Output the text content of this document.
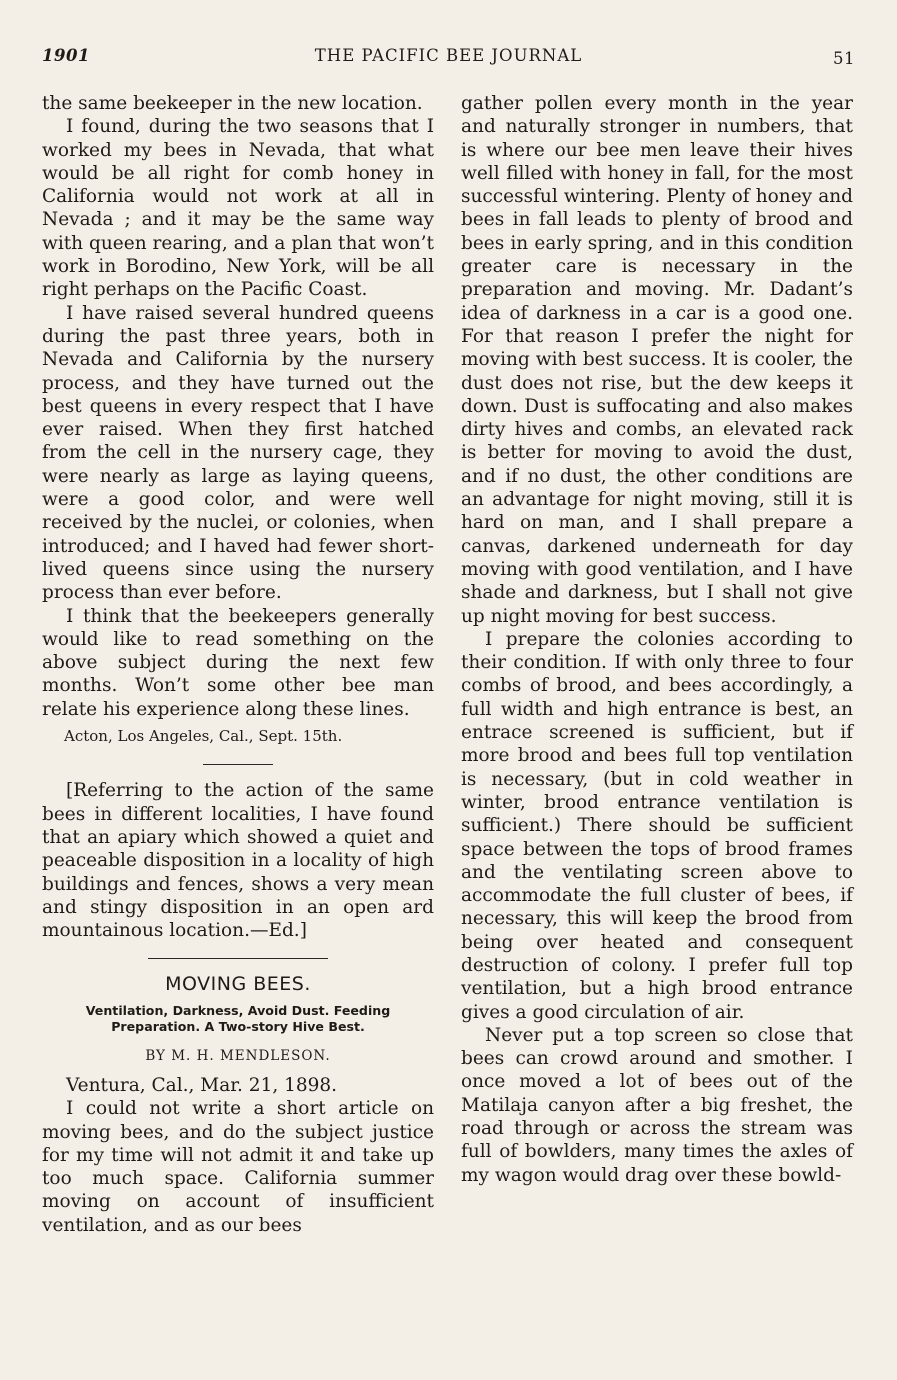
1901	THE PACIFIC BEE JOURNAL	51

the same beekeeper in the new location.

I found, during the two seasons that I worked my bees in Nevada, that what would be all right for comb honey in California would not work at all in Nevada ; and it may be the same way with queen rearing, and a plan that won’t work in Borodino, New York, will be all right perhaps on the Pacific Coast.

I have raised several hundred queens during the past three years, both in Nevada and California by the nursery process, and they have turned out the best queens in every respect that I have ever raised. When they first hatched from the cell in the nursery cage, they were nearly as large as laying queens, were a good color, and were well received by the nuclei, or colonies, when introduced; and I haved had fewer short-lived queens since using the nursery process than ever before.

I think that the beekeepers generally would like to read something on the above subject during the next few months. Won’t some other bee man relate his experience along these lines.

Acton, Los Angeles, Cal., Sept. 15th.

[Referring to the action of the same bees in different localities, I have found that an apiary which showed a quiet and peaceable disposition in a locality of high buildings and fences, shows a very mean and stingy disposition in an open ard mountainous location.—Ed.]

MOVING BEES.

Ventilation, Darkness, Avoid Dust. Feeding Preparation. A Two-story Hive Best.

BY M. H. MENDLESON.

Ventura, Cal., Mar. 21, 1898.

I could not write a short article on moving bees, and do the subject justice for my time will not admit it and take up too much space. California summer moving on account of insufficient ventilation, and as our bees

gather pollen every month in the year and naturally stronger in numbers, that is where our bee men leave their hives well filled with honey in fall, for the most successful wintering. Plenty of honey and bees in fall leads to plenty of brood and bees in early spring, and in this condition greater care is necessary in the preparation and moving. Mr. Dadant’s idea of darkness in a car is a good one. For that reason I prefer the night for moving with best success. It is cooler, the dust does not rise, but the dew keeps it down. Dust is suffocating and also makes dirty hives and combs, an elevated rack is better for moving to avoid the dust, and if no dust, the other conditions are an advantage for night moving, still it is hard on man, and I shall prepare a canvas, darkened underneath for day moving with good ventilation, and I have shade and darkness, but I shall not give up night moving for best success.

I prepare the colonies according to their condition. If with only three to four combs of brood, and bees accordingly, a full width and high entrance is best, an entrace screened is sufficient, but if more brood and bees full top ventilation is necessary, (but in cold weather in winter, brood entrance ventilation is sufficient.) There should be sufficient space between the tops of brood frames and the ventilating screen above to accommodate the full cluster of bees, if necessary, this will keep the brood from being over heated and consequent destruction of colony. I prefer full top ventilation, but a high brood entrance gives a good circulation of air.

Never put a top screen so close that bees can crowd around and smother. I once moved a lot of bees out of the Matilaja canyon after a big freshet, the road through or across the stream was full of bowlders, many times the axles of my wagon would drag over these bowld-
